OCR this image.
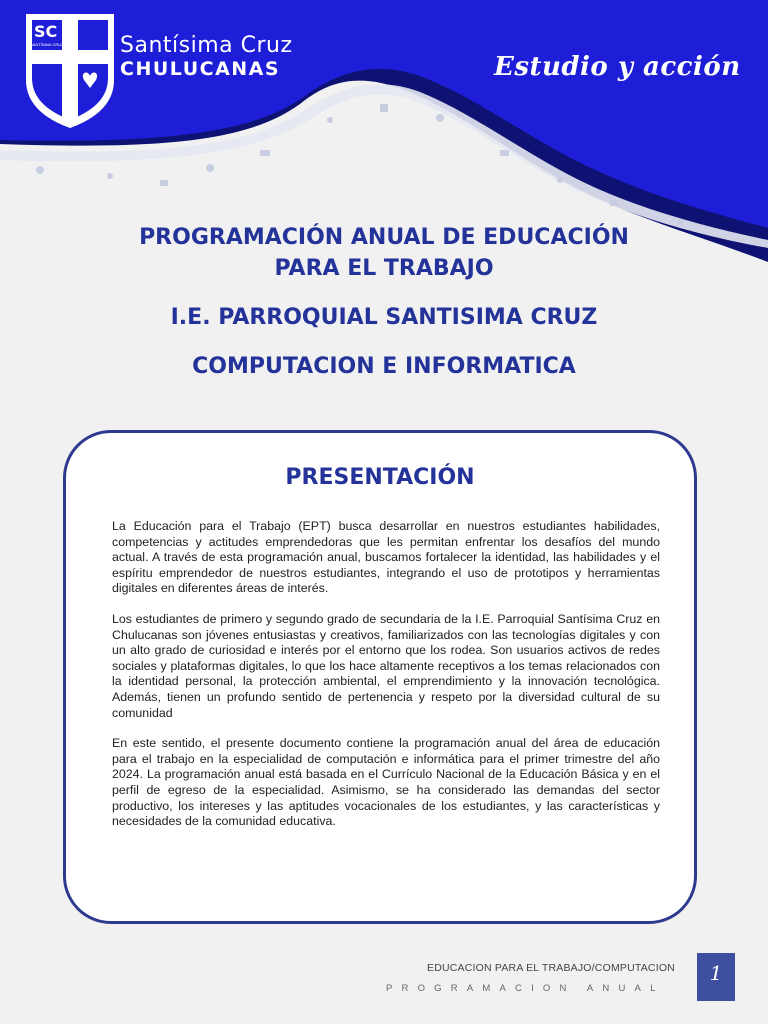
SC
SANTÍSIMA CRUZ	Santísima Cruz
CHULUCANAS	Estudio y acción

PROGRAMACIÓN ANUAL DE EDUCACIÓN

PARA EL TRABAJO

I.E. PARROQUIAL SANTISIMA CRUZ

COMPUTACION E INFORMATICA

PRESENTACIÓN

La Educación para el Trabajo (EPT) busca desarrollar en nuestros estudiantes habilidades, competencias y actitudes emprendedoras que les permitan enfrentar los desafíos del mundo actual. A través de esta programación anual, buscamos fortalecer la identidad, las habilidades y el espíritu emprendedor de nuestros estudiantes, integrando el uso de prototipos y herramientas digitales en diferentes áreas de interés.

Los estudiantes de primero y segundo grado de secundaria de la I.E. Parroquial Santísima Cruz en Chulucanas son jóvenes entusiastas y creativos, familiarizados con las tecnologías digitales y con un alto grado de curiosidad e interés por el entorno que los rodea. Son usuarios activos de redes sociales y plataformas digitales, lo que los hace altamente receptivos a los temas relacionados con la identidad personal, la protección ambiental, el emprendimiento y la innovación tecnológica. Además, tienen un profundo sentido de pertenencia y respeto por la diversidad cultural de su comunidad

En este sentido, el presente documento contiene la programación anual del área de educación para el trabajo en la especialidad de computación e informática para el primer trimestre del año 2024. La programación anual está basada en el Currículo Nacional de la Educación Básica y en el perfil de egreso de la especialidad. Asimismo, se ha considerado las demandas del sector productivo, los intereses y las aptitudes vocacionales de los estudiantes, y las características y necesidades de la comunidad educativa.

EDUCACION PARA EL TRABAJO/COMPUTACION
PROGRAMACION ANUAL
1
